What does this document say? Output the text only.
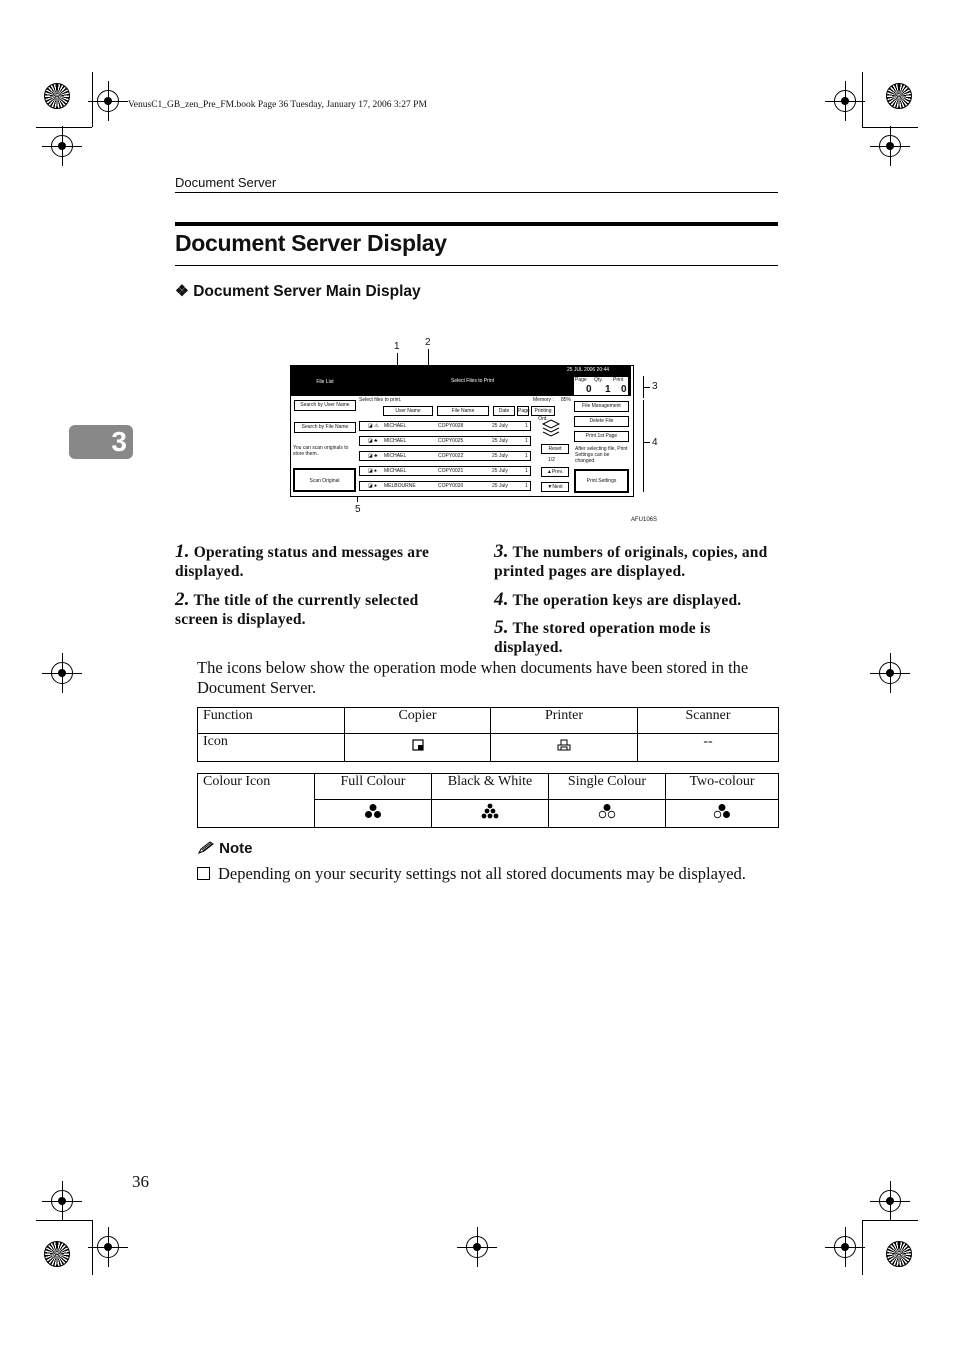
VenusC1_GB_zen_Pre_FM.book Page 36 Tuesday, January 17, 2006 3:27 PM
Document Server
3
Document Server Display
❖ Document Server Main Display
1	2
3
4
5
AFU106S
25 JUL 2006 20:44
Select Files to Print
File List
Search by User Name
Search by File Name
You can scan originals to store them.
Scan Original
Select files to print.	Memory : 85%
Page Qty. Print
0 1 0
User Name	File Name	Date	Page Printing Ord.
◪ ⚠ MICHAEL	COPY0028	25 July	1
◪ ♣ MICHAEL	COPY0025	25 July	1
◪ ♣ MICHAEL	COPY0022	25 July	1
◪ ♠ MICHAEL	COPY0021	25 July	1
◪ ♠ MELBOURNE	COPY0020	25 July	1
Reset
1/2
▲Prev.
▼Next
File Management
Delete File
Print 1st Page
After selecting file, Print Settings can be changed.
Print Settings
1. Operating status and messages are displayed.
2. The title of the currently selected screen is displayed.
3. The numbers of originals, copies, and printed pages are displayed.
4. The operation keys are displayed.
5. The stored operation mode is displayed.
The icons below show the operation mode when documents have been stored in the Document Server.
Function	Copier	Printer	Scanner
Icon			--
Colour Icon	Full Colour	Black & White	Single Colour	Two-colour

Note
Depending on your security settings not all stored documents may be displayed.
36
